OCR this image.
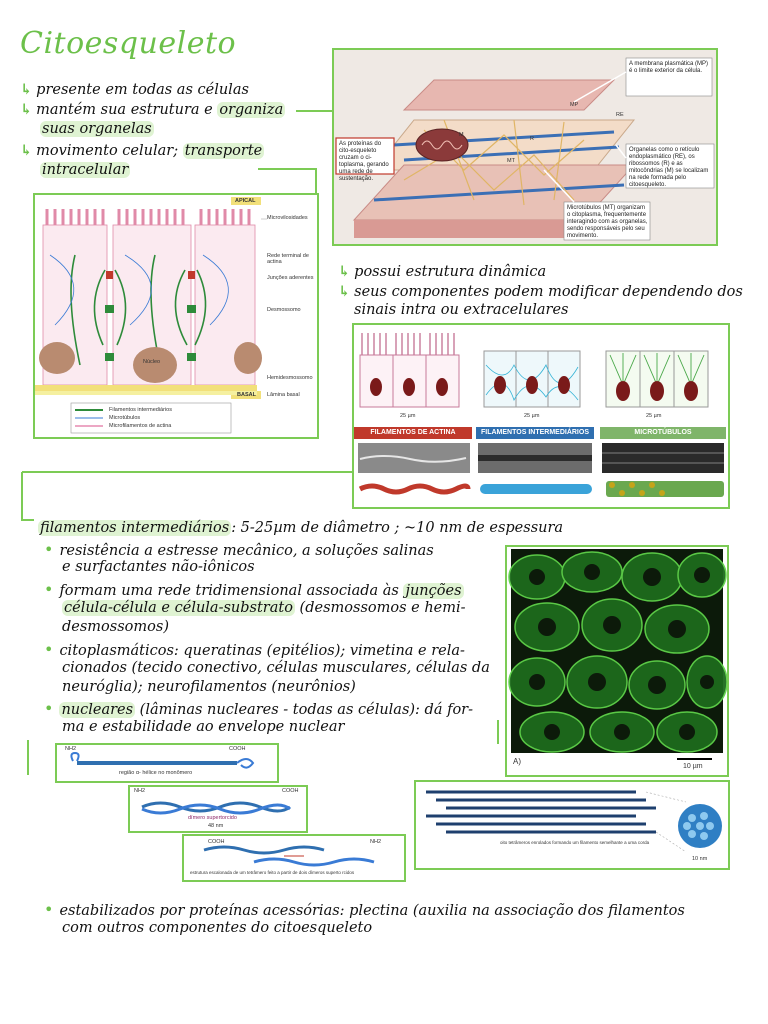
Citoesqueleto
↳ presente em todas as células
↳ mantém sua estrutura e organiza
suas organelas
↳ movimento celular; transporte
intracelular
As proteínas do cito-esqueleto cruzam o ci-toplasma, gerando uma rede de sustentação.
A membrana plasmática (MP) é o limite exterior da célula.
Organelas como o retículo endoplasmático (RE), os ribossomos (R) e as mitocôndrias (M) se localizam na rede formada pelo citoesqueleto.
Microtúbulos (MT) organizam o citoplasma, frequentemente interagindo com as organelas, sendo responsáveis pelo seu movimento.
MP
RE
M
R
MT
APICAL
BASAL
Microvilosidades
Rede terminal de actina
Junções aderentes
Desmossomo
Hemidesmossomo
Lâmina basal
Núcleo
Filamentos intermediários
Microtúbulos
Microfilamentos de actina
↳ possui estrutura dinâmica
↳ seus componentes podem modificar dependendo dos
sinais intra ou extracelulares
25 µm	25 µm	25 µm
FILAMENTOS DE ACTINA	FILAMENTOS INTERMEDIÁRIOS	MICROTÚBULOS
filamentos intermediários : 5-25µm de diâmetro ; ~10 nm de espessura
• resistência a estresse mecânico, a soluções salinas
e surfactantes não-iônicos
• formam uma rede tridimensional associada às junções
célula-célula e célula-substrato (desmossomos e hemi-
desmossomos)
• citoplasmáticos: queratinas (epitélios); vimetina e rela-
cionados (tecido conectivo, células musculares, células da
neuróglia); neurofilamentos (neurônios)
• nucleares (lâminas nucleares - todas as células): dá for-
ma e estabilidade ao envelope nuclear
A)
10 µm
NH2	COOH
região α- hélice no monômero
NH2	COOH
dímero supertorcido
48 nm
COOH	NH2
estrutura escalonada de um tetrâmero feito a partir de dois dímeros superto rcidos
oito tetrâmeros enrolados formando um filamento semelhante a uma corda
10 nm
• estabilizados por proteínas acessórias: plectina (auxilia na associação dos filamentos
com outros componentes do citoesqueleto
